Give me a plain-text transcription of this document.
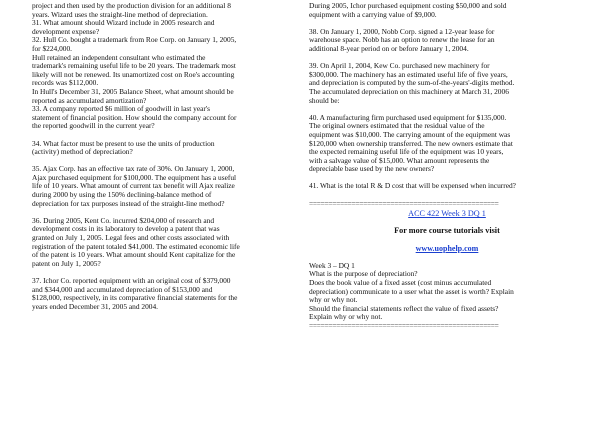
project and then used by the production division for an additional 8
years. Wizard uses the straight-line method of depreciation.
31. What amount should Wizard include in 2005 research and
development expense?
32. Hull Co. bought a trademark from Roe Corp. on January 1, 2005,
for $224,000.
Hull retained an independent consultant who estimated the
trademark's remaining useful life to be 20 years. The trademark most
likely will not be renewed. Its unamortized cost on Roe's accounting
records was $112,000.
In Hull's December 31, 2005 Balance Sheet, what amount should be
reported as accumulated amortization?
33. A company reported $6 million of goodwill in last year's
statement of financial position. How should the company account for
the reported goodwill in the current year?

34. What factor must be present to use the units of production
(activity) method of depreciation?

35. Ajax Corp. has an effective tax rate of 30%. On January 1, 2000,
Ajax purchased equipment for $100,000. The equipment has a useful
life of 10 years. What amount of current tax benefit will Ajax realize
during 2000 by using the 150% declining-balance method of
depreciation for tax purposes instead of the straight-line method?

36. During 2005, Kent Co. incurred $204,000 of research and
development costs in its laboratory to develop a patent that was
granted on July 1, 2005. Legal fees and other costs associated with
registration of the patent totaled $41,000. The estimated economic life
of the patent is 10 years. What amount should Kent capitalize for the
patent on July 1, 2005?

37. Ichor Co. reported equipment with an original cost of $379,000
and $344,000 and accumulated depreciation of $153,000 and
$128,000, respectively, in its comparative financial statements for the
years ended December 31, 2005 and 2004.

During 2005, Ichor purchased equipment costing $50,000 and sold
equipment with a carrying value of $9,000.

38. On January 1, 2000, Nobb Corp. signed a 12-year lease for
warehouse space. Nobb has an option to renew the lease for an
additional 8-year period on or before January 1, 2004.

39. On April 1, 2004, Kew Co. purchased new machinery for
$300,000. The machinery has an estimated useful life of five years,
and depreciation is computed by the sum-of-the-years'-digits method.
The accumulated depreciation on this machinery at March 31, 2006
should be:

40. A manufacturing firm purchased used equipment for $135,000.
The original owners estimated that the residual value of the
equipment was $10,000. The carrying amount of the equipment was
$120,000 when ownership transferred. The new owners estimate that
the expected remaining useful life of the equipment was 10 years,
with a salvage value of $15,000. What amount represents the
depreciable base used by the new owners?

41. What is the total R & D cost that will be expensed when incurred?

=================================================
ACC 422 Week 3 DQ 1
For more course tutorials visit
www.uophelp.com

Week 3 – DQ 1
What is the purpose of depreciation?
Does the book value of a fixed asset (cost minus accumulated
depreciation) communicate to a user what the asset is worth? Explain
why or why not.
Should the financial statements reflect the value of fixed assets?
Explain why or why not.

=================================================
